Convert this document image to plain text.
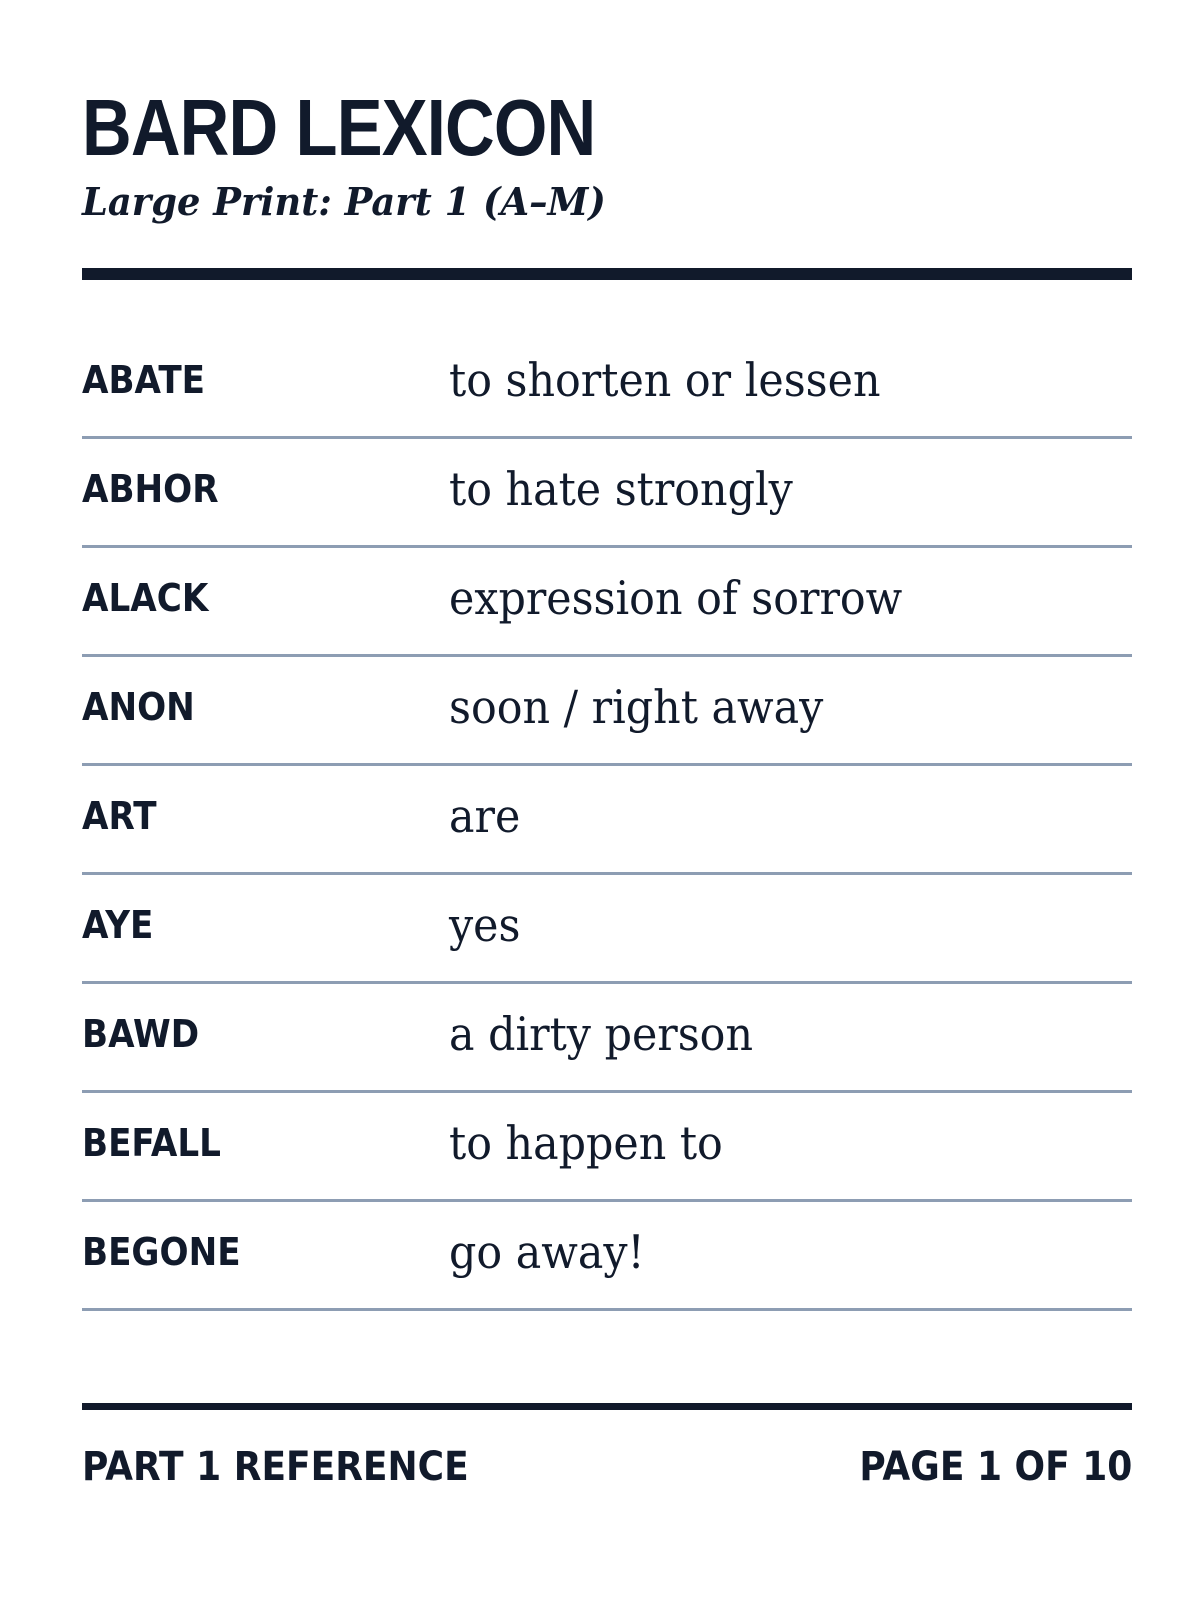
BARD LEXICON
Large Print: Part 1 (A–M)
ABATE	to shorten or lessen
ABHOR	to hate strongly
ALACK	expression of sorrow
ANON	soon / right away
ART	are
AYE	yes
BAWD	a dirty person
BEFALL	to happen to
BEGONE	go away!
PART 1 REFERENCE	PAGE 1 OF 10
